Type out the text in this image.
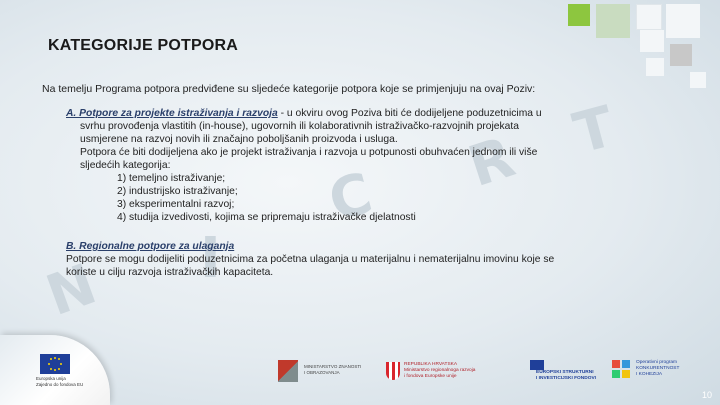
N I
C R T
KATEGORIJE POTPORA
Na temelju Programa potpora predviđene su sljedeće kategorije potpora koje se primjenjuju na ovaj Poziv:
A. Potpore za projekte istraživanja i razvoja - u okviru ovog Poziva biti će dodijeljene poduzetnicima u
svrhu provođenja vlastitih (in-house), ugovornih ili kolaborativnih istraživačko-razvojnih projekata
usmjerene na razvoj novih ili značajno poboljšanih proizvoda i usluga.
Potpora će biti dodijeljena ako je projekt istraživanja i razvoja u potpunosti obuhvaćen jednom ili više
sljedećih kategorija:
1) temeljno istraživanje;
2) industrijsko istraživanje;
3) eksperimentalni razvoj;
4) studija izvedivosti, kojima se pripremaju istraživačke djelatnosti
B. Regionalne potpore za ulaganja
Potpore se mogu dodijeliti poduzetnicima za početna ulaganja u materijalnu i nematerijalnu imovinu koje se
koriste u cilju razvoja istraživačkih kapaciteta.
Europska unija
Zajedno do fondova EU
MINISTARSTVO ZNANOSTI
I OBRAZOVANJA
REPUBLIKA HRVATSKA
Ministarstvo regionalnoga razvoja
i fondova Europske unije
EUROPSKI STRUKTURNI
I INVESTICIJSKI FONDOVI
Operativni program
KONKURENTNOST
I KOHEZIJA
10
